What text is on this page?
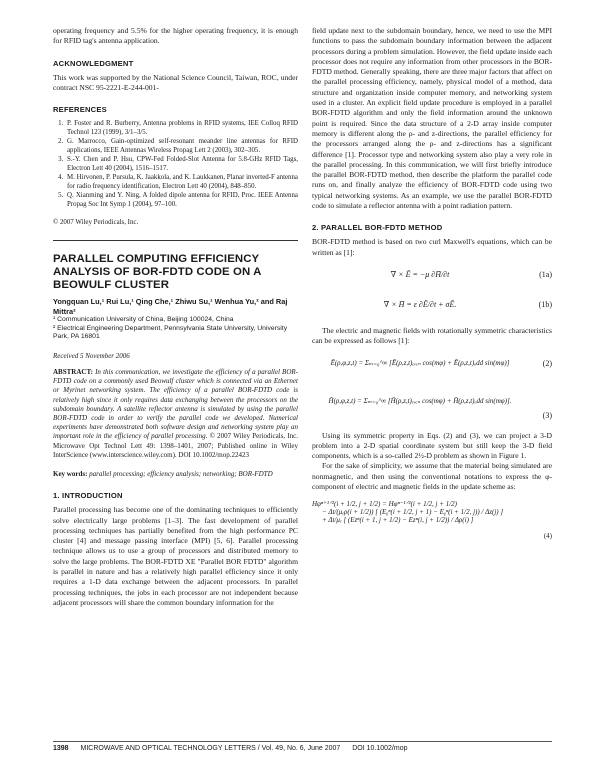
operating frequency and 5.5% for the higher operating frequency, it is enough for RFID tag's antenna application.

ACKNOWLEDGMENT

This work was supported by the National Science Council, Taiwan, ROC, under contract NSC 95-2221-E-244-001-

REFERENCES
1. P. Foster and R. Burberry, Antenna problems in RFID systems, IEE Colloq RFID Technol 123 (1999), 3/1–3/5.
2. G. Marrocco, Gain-optimized self-resonant meander line antennas for RFID applications, IEEE Antennas Wireless Propag Lett 2 (2003), 302–305.
3. S.-Y. Chen and P. Hsu, CPW-Fed Folded-Slot Antenna for 5.8-GHz RFID Tags, Electron Lett 40 (2004), 1516–1517.
4. M. Hirvonen, P. Pursula, K. Jaakkola, and K. Laukkanen, Planar inverted-F antenna for radio frequency identification, Electron Lett 40 (2004), 848–850.
5. Q. Xianming and Y. Ning, A folded dipole antenna for RFID, Proc. IEEE Antenna Propag Soc Int Symp 1 (2004), 97–100.

© 2007 Wiley Periodicals, Inc.

PARALLEL COMPUTING EFFICIENCY ANALYSIS OF BOR-FDTD CODE ON A BEOWULF CLUSTER
Yongquan Lu,¹ Rui Lu,¹ Qing Che,¹ Zhiwu Su,¹ Wenhua Yu,² and Raj Mittra²
¹ Communication University of China, Beijing 100024, China
² Electrical Engineering Department, Pennsylvania State University, University Park, PA 16801
Received 5 November 2006

ABSTRACT: In this communication, we investigate the efficiency of a parallel BOR-FDTD code on a commonly used Beowulf cluster which is connected via an Ethernet or Myrinet networking system. The efficiency of a parallel BOR-FDTD code is relatively high since it only requires data exchanging between the processors on the subdomain boundary. A satellite reflector antenna is simulated by using the parallel BOR-FDTD code in order to verify the parallel code we developed. Numerical experiments have demonstrated both software design and networking system play an important role in the efficiency of parallel processing. © 2007 Wiley Periodicals, Inc. Microwave Opt Technol Lett 49: 1398–1401, 2007; Published online in Wiley InterScience (www.interscience.wiley.com). DOI 10.1002/mop.22423

Key words: parallel processing; efficiency analysis; networking; BOR-FDTD

1. INTRODUCTION

Parallel processing has become one of the dominating techniques to efficiently solve electrically large problems [1–3]. The fast development of parallel processing techniques has partially benefited from the high performance PC cluster [4] and message passing interface (MPI) [5, 6]. Parallel processing technique allows us to use a group of processors and distributed memory to solve the large problems. The BOR-FDTD XE "Parallel BOR FDTD" algorithm is parallel in nature and has a relatively high parallel efficiency since it only requires a 1-D data exchange between the adjacent processors. In parallel processing techniques, the jobs in each processor are not independent because adjacent processors will share the common boundary information for the

field update next to the subdomain boundary, hence, we need to use the MPI functions to pass the subdomain boundary information between the adjacent processors during a problem simulation. However, the field update inside each processor does not require any information from other processors in the BOR-FDTD method. Generally speaking, there are three major factors that affect on the parallel processing efficiency, namely, physical model of a method, data structure and organization inside computer memory, and networking system used in a cluster. An explicit field update procedure is employed in a parallel BOR-FDTD algorithm and only the field information around the unknown point is required. Since the data structure of a 2-D array inside computer memory is different along the ρ- and z-directions, the parallel efficiency for the processors arranged along the ρ- and z-directions has a significant difference [1]. Processor type and networking system also play a very role in the parallel processing. In this communication, we will first briefly introduce the parallel BOR-FDTD method, then describe the platform the parallel code runs on, and finally analyze the efficiency of BOR-FDTD code using two typical networking systems. As an example, we use the parallel BOR-FDTD code to simulate a reflector antenna with a point radiation pattern.

2. PARALLEL BOR-FDTD METHOD

BOR-FDTD method is based on two curl Maxwell's equations, which can be written as [1]:

∇ × Ē = −μ ∂H̄/∂t	(1a)
∇ × H̄ = ε ∂Ē/∂t + σĒ.	(1b)

The electric and magnetic fields with rotationally symmetric characteristics can be expressed as follows [1]:

Ē(ρ,φ,z,t) = Σₘ₌₀^∞ [Ē(ρ,z,t)ₑᵥₑₙ cos(mφ) + Ē(ρ,z,t)ₒdd sin(mφ)]	(2)
H̄(ρ,φ,z,t) = Σₘ₌₀^∞ [H̄(ρ,z,t)ₑᵥₑₙ cos(mφ) + H̄(ρ,z,t)ₒdd sin(mφ)].
(3)

Using its symmetric property in Eqs. (2) and (3), we can project a 3-D problem into a 2-D spatial coordinate system but still keep the 3-D field components, which is a so-called 2½-D problem as shown in Figure 1.

For the sake of simplicity, we assume that the material being simulated are nonmagnetic, and then using the conventional notations to express the φ-component of electric and magnetic fields in the update scheme as:

Hφⁿ⁺¹ᐟ²(i + 1/2, j + 1/2) = Hφⁿ⁻¹ᐟ²(i + 1/2, j + 1/2)
− Δt/(μₑρ(i + 1/2)) [ (Eᵨⁿ(i + 1/2, j + 1) − Eᵨⁿ(i + 1/2, j)) / Δz(j) ]
+ Δt/μₑ [ (Ezⁿ(i + 1, j + 1/2) − Ezⁿ(i, j + 1/2)) / Δρ(i) ]
(4)
1398 MICROWAVE AND OPTICAL TECHNOLOGY LETTERS / Vol. 49, No. 6, June 2007 DOI 10.1002/mop
